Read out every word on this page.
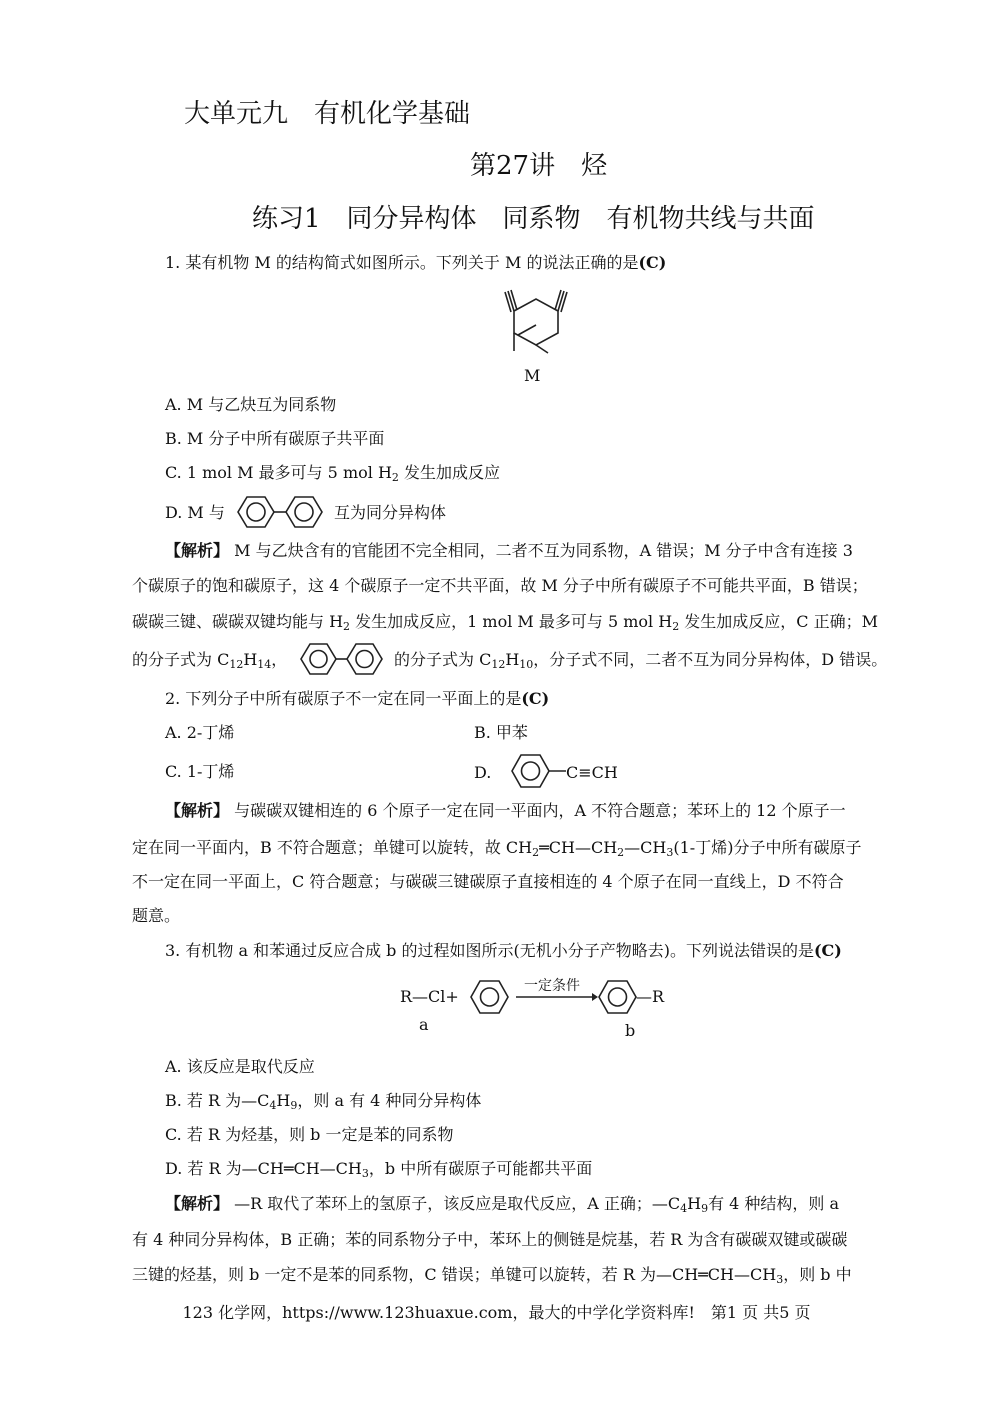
大单元九　有机化学基础
第27讲　烃
练习1　同分异构体　同系物　有机物共线与共面
1. 某有机物 M 的结构简式如图所示。下列关于 M 的说法正确的是(C)
M
A. M 与乙炔互为同系物
B. M 分子中所有碳原子共平面
C. 1 mol M 最多可与 5 mol $H_2$ 发生加成反应
D. M 与	互为同分异构体
【解析】 M 与乙炔含有的官能团不完全相同，二者不互为同系物，A 错误；M 分子中含有连接 3
个碳原子的饱和碳原子，这 4 个碳原子一定不共平面，故 M 分子中所有碳原子不可能共平面，B 错误；
碳碳三键、碳碳双键均能与 $H_2$ 发生加成反应，1 mol M 最多可与 5 mol $H_2$ 发生加成反应，C 正确；M
的分子式为 $C_{12}H_{14}$，	的分子式为 $C_{12}H_{10}$，分子式不同，二者不互为同分异构体，D 错误。
2. 下列分子中所有碳原子不一定在同一平面上的是(C)
A. 2-丁烯	B. 甲苯
C. 1-丁烯	D.	C≡CH
【解析】 与碳碳双键相连的 6 个原子一定在同一平面内，A 不符合题意；苯环上的 12 个原子一
定在同一平面内，B 不符合题意；单键可以旋转，故 $CH_2═CH—CH_2—CH_3(1-$丁烯)分子中所有碳原子
不一定在同一平面上，C 符合题意；与碳碳三键碳原子直接相连的 4 个原子在同一直线上，D 不符合
题意。
3. 有机物 a 和苯通过反应合成 b 的过程如图所示(无机小分子产物略去)。下列说法错误的是(C)
R—Cl+
一定条件
—R
a	b
A. 该反应是取代反应
B. 若 R 为$—C_4H_9$，则 a 有 4 种同分异构体
C. 若 R 为烃基，则 b 一定是苯的同系物
D. 若 R 为$—CH═CH—CH_3$，b 中所有碳原子可能都共平面
【解析】 —R 取代了苯环上的氢原子，该反应是取代反应，A 正确；$—C_4H_9$有 4 种结构，则 a
有 4 种同分异构体，B 正确；苯的同系物分子中，苯环上的侧链是烷基，若 R 为含有碳碳双键或碳碳
三键的烃基，则 b 一定不是苯的同系物，C 错误；单键可以旋转，若 R 为$—CH═CH—CH_3$，则 b 中
123 化学网，https://www.123huaxue.com，最大的中学化学资料库!　第1 页 共5 页
